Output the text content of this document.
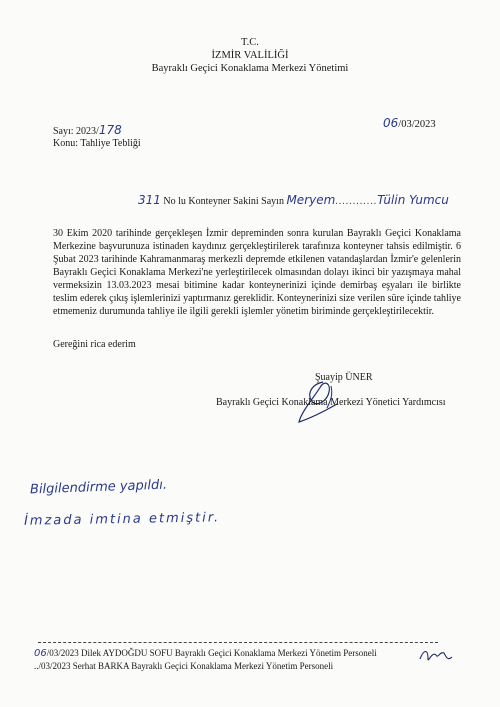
T.C.
İZMİR VALİLİĞİ
Bayraklı Geçici Konaklama Merkezi Yönetimi
06/03/2023
Sayı: 2023/178
Konu: Tahliye Tebliği
311 No lu Konteyner Sakini Sayın Meryem............Tülin Yumcu
30 Ekim 2020 tarihinde gerçekleşen İzmir depreminden sonra kurulan Bayraklı Geçici Konaklama Merkezine başvurunuza istinaden kaydınız gerçekleştirilerek tarafınıza konteyner tahsis edilmiştir. 6 Şubat 2023 tarihinde Kahramanmaraş merkezli depremde etkilenen vatandaşlardan İzmir'e gelenlerin Bayraklı Geçici Konaklama Merkezi'ne yerleştirilecek olmasından dolayı ikinci bir yazışmaya mahal vermeksizin 13.03.2023 mesai bitimine kadar konteynerinizi içinde demirbaş eşyaları ile birlikte teslim ederek çıkış işlemlerinizi yaptırmanız gereklidir. Konteynerinizi size verilen süre içinde tahliye etmemeniz durumunda tahliye ile ilgili gerekli işlemler yönetim biriminde gerçekleştirilecektir.
Gereğini rica ederim
Şuayip ÜNER
Bayraklı Geçici Konaklama Merkezi Yönetici Yardımcısı
Bilgilendirme yapıldı.
İmzada imtina etmiştir.
06/03/2023 Dilek AYDOĞDU SOFU Bayraklı Geçici Konaklama Merkezi Yönetim Personeli
../03/2023 Serhat BARKA Bayraklı Geçici Konaklama Merkezi Yönetim Personeli
